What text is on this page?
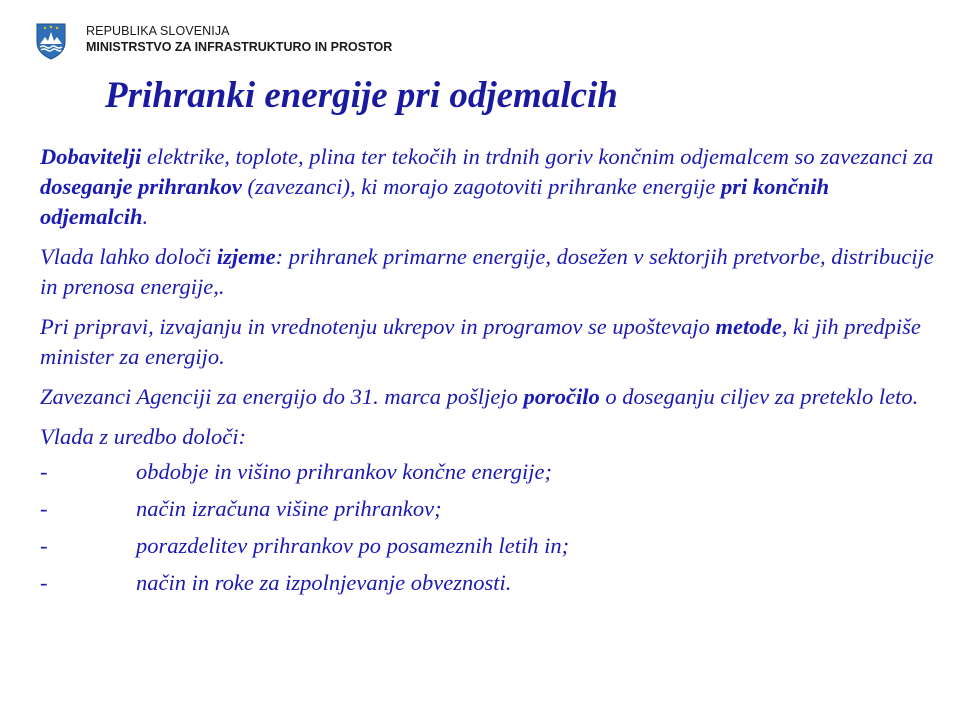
REPUBLIKA SLOVENIJA
MINISTRSTVO ZA INFRASTRUKTURO IN PROSTOR
Prihranki energije pri odjemalcih

Dobavitelji elektrike, toplote, plina ter tekočih in trdnih goriv končnim odjemalcem so zavezanci za doseganje prihrankov (zavezanci), ki morajo zagotoviti prihranke energije pri končnih odjemalcih.

Vlada lahko določi izjeme: prihranek primarne energije, dosežen v sektorjih pretvorbe, distribucije in prenosa energije,.

Pri pripravi, izvajanju in vrednotenju ukrepov in programov se upoštevajo metode, ki jih predpiše minister za energijo.

Zavezanci Agenciji za energijo do 31. marca pošljejo poročilo o doseganju ciljev za preteklo leto.

Vlada z uredbo določi:

-	obdobje in višino prihrankov končne energije;
-	način izračuna višine prihrankov;
-	porazdelitev prihrankov po posameznih letih in;
-	način in roke za izpolnjevanje obveznosti.
